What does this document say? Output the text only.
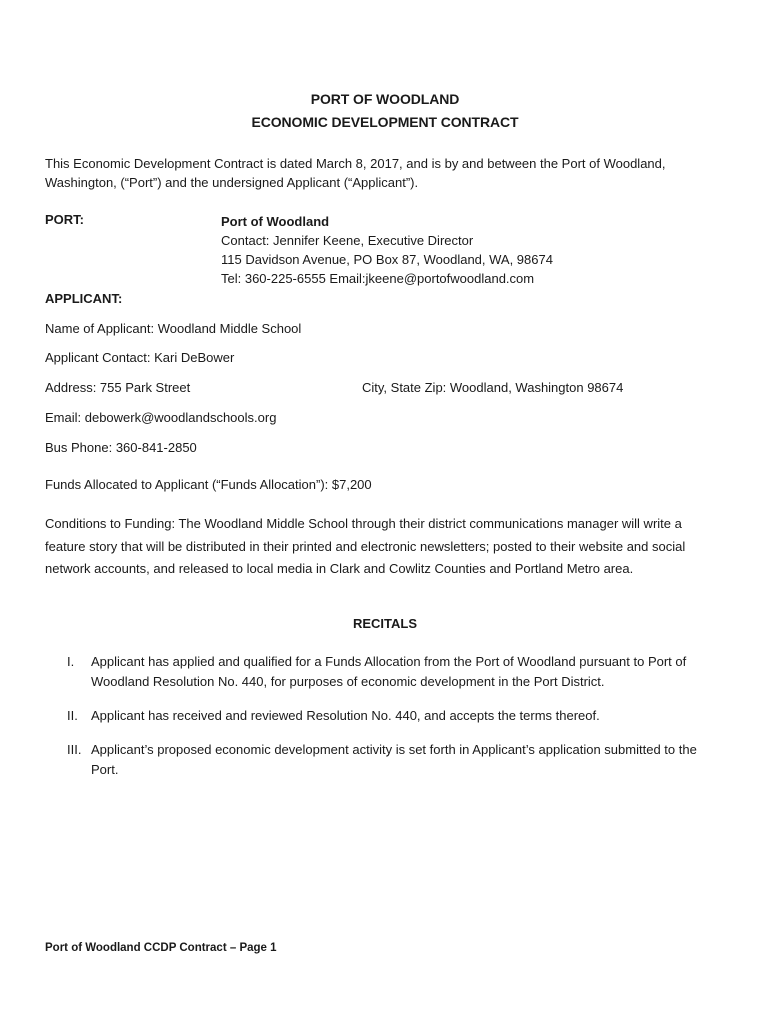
PORT OF WOODLAND
ECONOMIC DEVELOPMENT CONTRACT
This Economic Development Contract is dated March 8, 2017, and is by and between the Port of Woodland, Washington, (“Port”) and the undersigned Applicant (“Applicant”).
PORT:	Port of Woodland
Contact: Jennifer Keene, Executive Director
115 Davidson Avenue, PO Box 87, Woodland, WA, 98674
Tel: 360-225-6555 Email:jkeene@portofwoodland.com
APPLICANT:
Name of Applicant: Woodland Middle School
Applicant Contact: Kari DeBower
Address: 755 Park Street	City, State Zip: Woodland, Washington 98674
Email: debowerk@woodlandschools.org
Bus Phone: 360-841-2850
Funds Allocated to Applicant (“Funds Allocation”): $7,200
Conditions to Funding: The Woodland Middle School through their district communications manager will write a feature story that will be distributed in their printed and electronic newsletters; posted to their website and social network accounts, and released to local media in Clark and Cowlitz Counties and Portland Metro area.
RECITALS
I. Applicant has applied and qualified for a Funds Allocation from the Port of Woodland pursuant to Port of Woodland Resolution No. 440, for purposes of economic development in the Port District.
II. Applicant has received and reviewed Resolution No. 440, and accepts the terms thereof.
III. Applicant’s proposed economic development activity is set forth in Applicant’s application submitted to the Port.
Port of Woodland CCDP Contract – Page 1
